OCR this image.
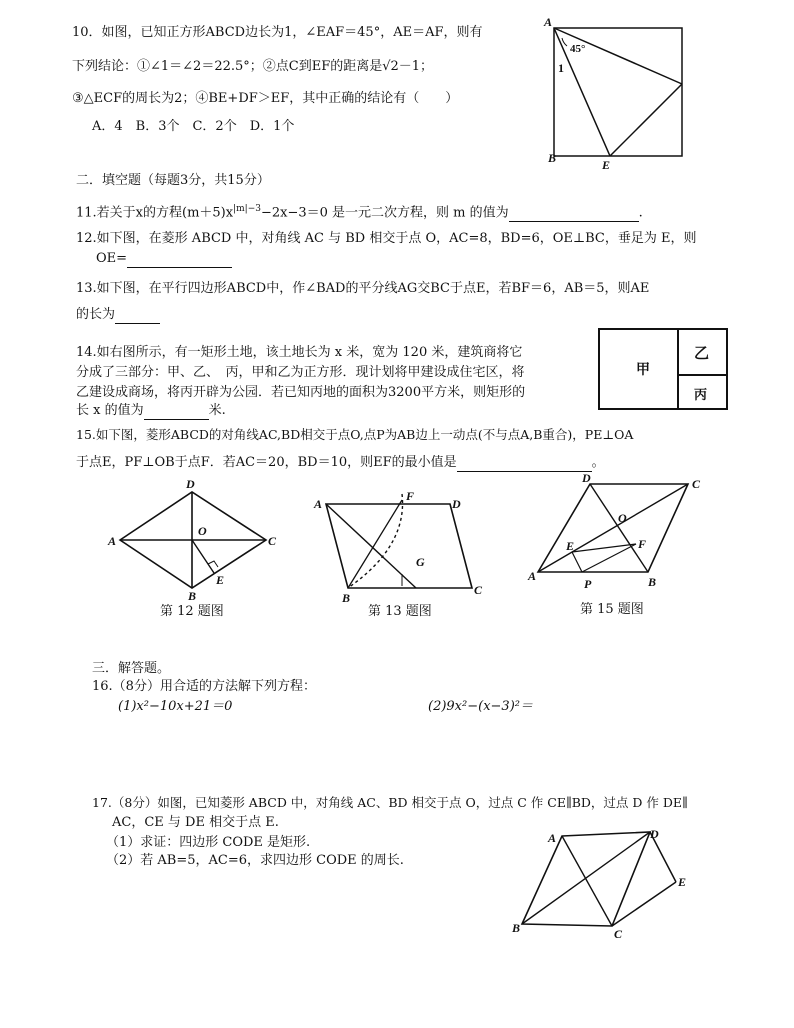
10．如图，已知正方形ABCD边长为1，∠EAF＝45°，AE＝AF，则有
下列结论：①∠1＝∠2＝22.5°；②点C到EF的距离是√2－1；
③△ECF的周长为2；④BE+DF＞EF，其中正确的结论有（　　）
A．4　B．3个　C．2个　D．1个
A
B	E
45°
1
二．填空题（每题3分，共15分）
11.若关于x的方程$(m+5)x^{|m|-3}-2x-3=0$ 是一元二次方程，则 m 的值为	.
12.如下图，在菱形 ABCD 中，对角线 AC 与 BD 相交于点 O，AC=8，BD=6，OE⊥BC，垂足为 E，则
OE=
13.如下图，在平行四边形ABCD中，作∠BAD的平分线AG交BC于点E，若BF＝6，AB＝5，则AE
的长为
14.如右图所示，有一矩形土地，该土地长为 x 米，宽为 120 米，建筑商将它
分成了三部分：甲、乙、　丙，甲和乙为正方形．现计划将甲建设成住宅区，将
乙建设成商场，将丙开辟为公园．若已知丙地的面积为3200平方米，则矩形的
长 x 的值为	米.
甲
乙
丙
15.如下图，菱形ABCD的对角线AC,BD相交于点O,点P为AB边上一动点(不与点A,B重合)，PE⊥OA
于点E，PF⊥OB于点F．若AC＝20，BD＝10，则EF的最小值是	。
A
D
C
B
O
E
第 12 题图
A	D
F
G
B
C
第 13 题图
A
D	C
O
E	F
P	B
第 15 题图
三．解答题。
16.（8分）用合适的方法解下列方程：
(1)x²−10x+21＝0	(2)9x²−(x−3)²＝
17.（8分）如图，已知菱形 ABCD 中，对角线 AC、BD 相交于点 O，过点 C 作 CE∥BD，过点 D 作 DE∥
AC，CE 与 DE 相交于点 E.
（1）求证：四边形 CODE 是矩形.
（2）若 AB=5，AC=6，求四边形 CODE 的周长.
A	D
E
B	C
